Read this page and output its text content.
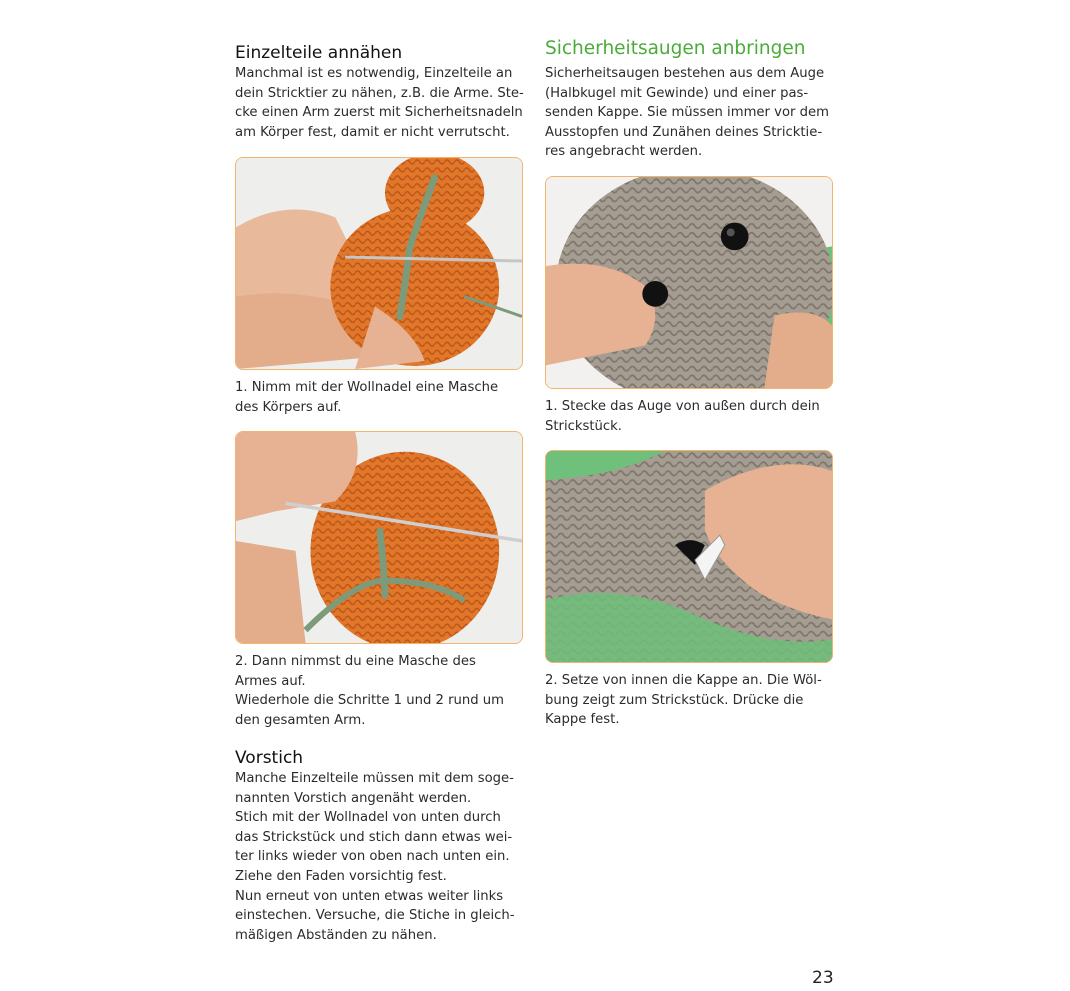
Einzelteile annähen

Manchmal ist es notwendig, Einzelteile an
dein Stricktier zu nähen, z.B. die Arme. Ste-
cke einen Arm zuerst mit Sicherheitsnadeln
am Körper fest, damit er nicht verrutscht.

1. Nimm mit der Wollnadel eine Masche
des Körpers auf.

2. Dann nimmst du eine Masche des
Armes auf.
Wiederhole die Schritte 1 und 2 rund um
den gesamten Arm.

Vorstich

Manche Einzelteile müssen mit dem soge-
nannten Vorstich angenäht werden.
Stich mit der Wollnadel von unten durch
das Strickstück und stich dann etwas wei-
ter links wieder von oben nach unten ein.
Ziehe den Faden vorsichtig fest.
Nun erneut von unten etwas weiter links
einstechen. Versuche, die Stiche in gleich-
mäßigen Abständen zu nähen.

Sicherheitsaugen anbringen

Sicherheitsaugen bestehen aus dem Auge
(Halbkugel mit Gewinde) und einer pas-
senden Kappe. Sie müssen immer vor dem
Ausstopfen und Zunähen deines Stricktie-
res angebracht werden.

1. Stecke das Auge von außen durch dein
Strickstück.

2. Setze von innen die Kappe an. Die Wöl-
bung zeigt zum Strickstück. Drücke die
Kappe fest.

23
